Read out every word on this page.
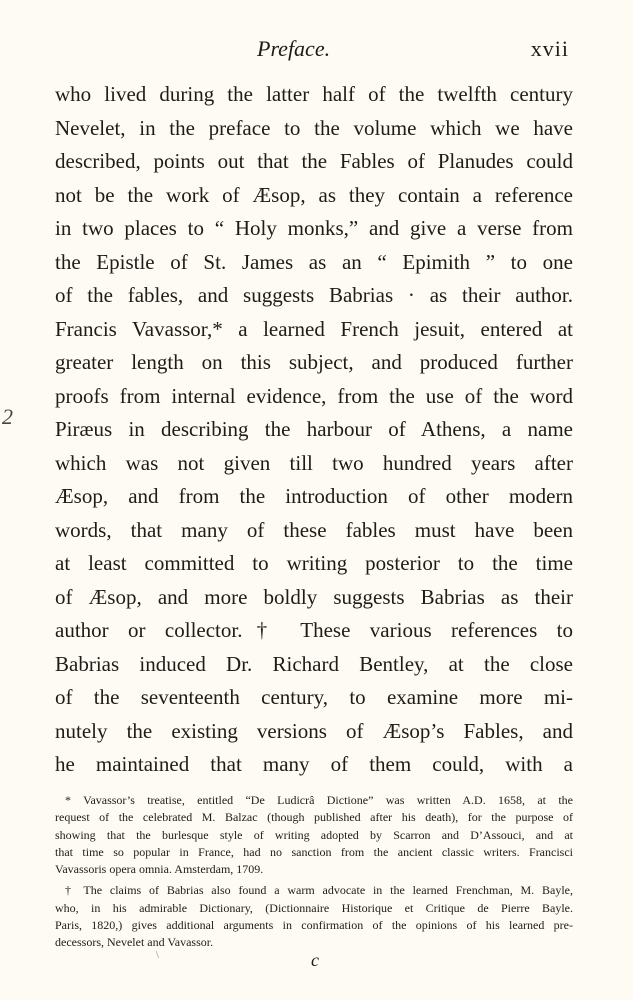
Preface.	xvii
2
who lived during the latter half of the twelfth century
Nevelet, in the preface to the volume which we have
described, points out that the Fables of Planudes could
not be the work of Æsop, as they contain a reference
in two places to “ Holy monks,” and give a verse from
the Epistle of St. James as an “ Epimith ” to one
of the fables, and suggests Babrias · as their author.
Francis Vavassor,* a learned French jesuit, entered at
greater length on this subject, and produced further
proofs from internal evidence, from the use of the word
Piræus in describing the harbour of Athens, a name
which was not given till two hundred years after
Æsop, and from the introduction of other modern
words, that many of these fables must have been
at least committed to writing posterior to the time
of Æsop, and more boldly suggests Babrias as their
author or collector.† These various references to
Babrias induced Dr. Richard Bentley, at the close
of the seventeenth century, to examine more mi-
nutely the existing versions of Æsop’s Fables, and
he maintained that many of them could, with a
* Vavassor’s treatise, entitled “De Ludicrâ Dictione” was written A.D. 1658, at the
request of the celebrated M. Balzac (though published after his death), for the purpose of
showing that the burlesque style of writing adopted by Scarron and D’Assouci, and at
that time so popular in France, had no sanction from the ancient classic writers. Francisci
Vavassoris opera omnia. Amsterdam, 1709.
† The claims of Babrias also found a warm advocate in the learned Frenchman, M. Bayle,
who, in his admirable Dictionary, (Dictionnaire Historique et Critique de Pierre Bayle.
Paris, 1820,) gives additional arguments in confirmation of the opinions of his learned pre-
decessors, Nevelet and Vavassor.
\	c
